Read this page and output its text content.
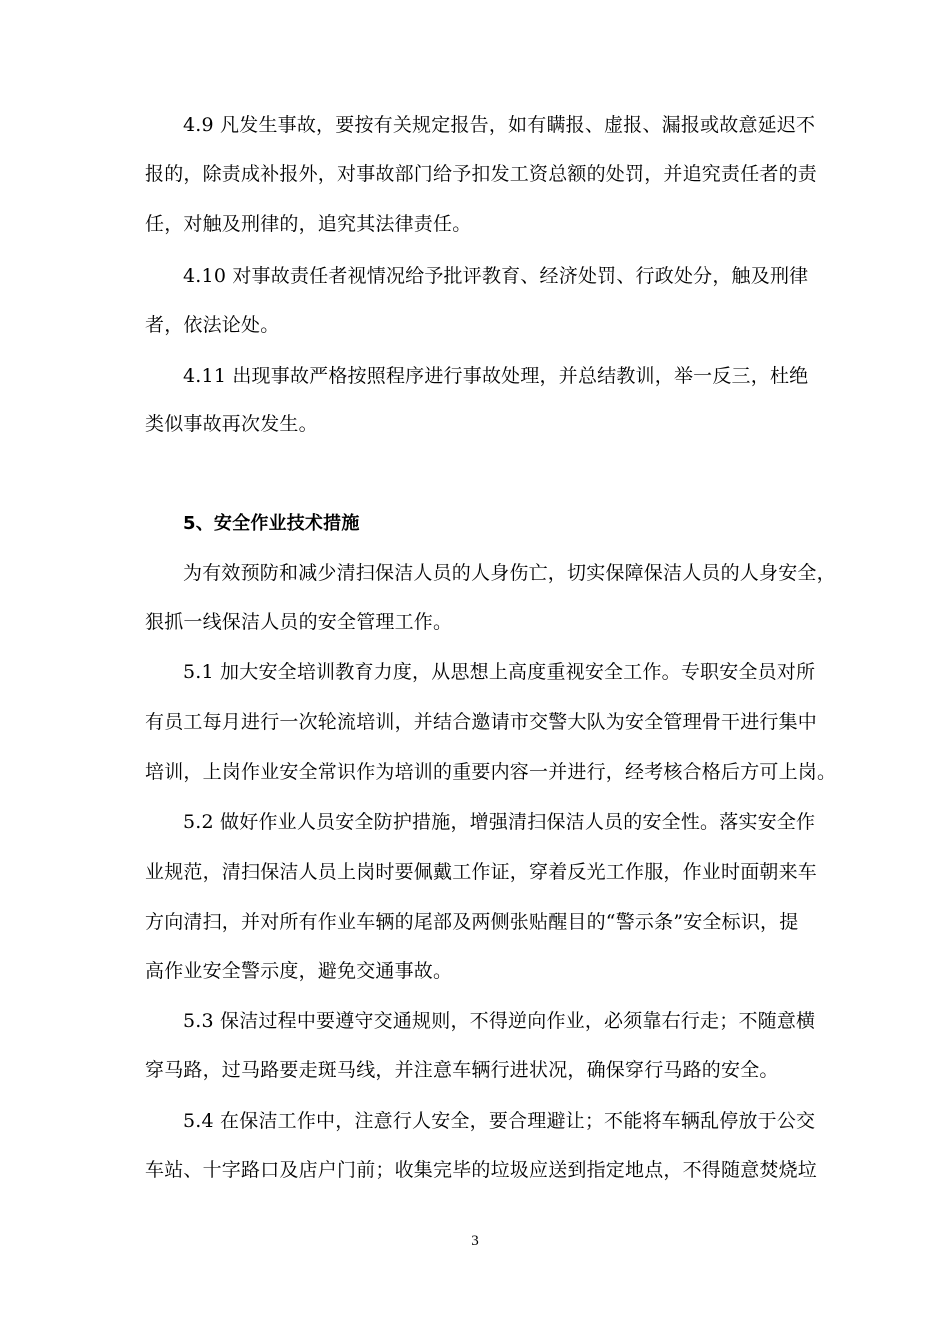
4.9 凡发生事故，要按有关规定报告，如有瞒报、虚报、漏报或故意延迟不
报的，除责成补报外，对事故部门给予扣发工资总额的处罚，并追究责任者的责
任，对触及刑律的，追究其法律责任。
4.10 对事故责任者视情况给予批评教育、经济处罚、行政处分，触及刑律
者，依法论处。
4.11 出现事故严格按照程序进行事故处理，并总结教训，举一反三，杜绝
类似事故再次发生。
5、安全作业技术措施
为有效预防和减少清扫保洁人员的人身伤亡，切实保障保洁人员的人身安全，
狠抓一线保洁人员的安全管理工作。
5.1 加大安全培训教育力度，从思想上高度重视安全工作。专职安全员对所
有员工每月进行一次轮流培训，并结合邀请市交警大队为安全管理骨干进行集中
培训，上岗作业安全常识作为培训的重要内容一并进行，经考核合格后方可上岗。
5.2 做好作业人员安全防护措施，增强清扫保洁人员的安全性。落实安全作
业规范，清扫保洁人员上岗时要佩戴工作证，穿着反光工作服，作业时面朝来车
方向清扫，并对所有作业车辆的尾部及两侧张贴醒目的“警示条”安全标识，提
高作业安全警示度，避免交通事故。
5.3 保洁过程中要遵守交通规则，不得逆向作业，必须靠右行走；不随意横
穿马路，过马路要走斑马线，并注意车辆行进状况，确保穿行马路的安全。
5.4 在保洁工作中，注意行人安全，要合理避让；不能将车辆乱停放于公交
车站、十字路口及店户门前；收集完毕的垃圾应送到指定地点，不得随意焚烧垃
3
